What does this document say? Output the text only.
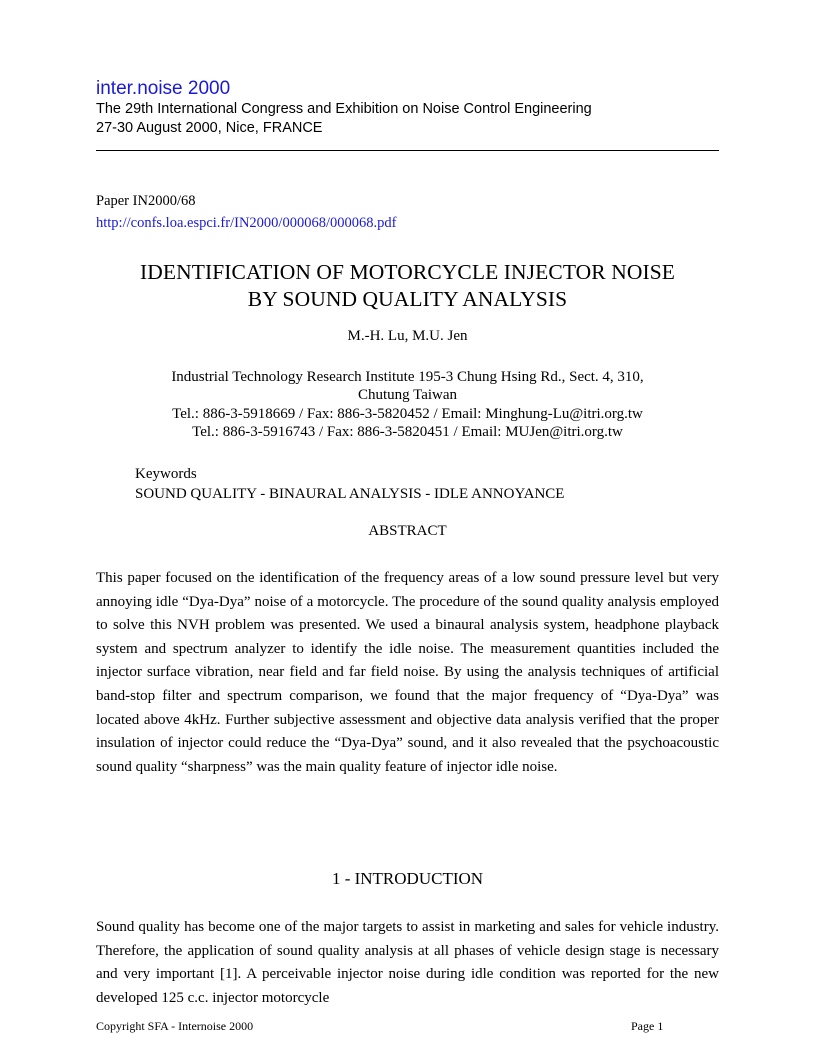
inter.noise 2000
The 29th International Congress and Exhibition on Noise Control Engineering
27-30 August 2000, Nice, FRANCE
Paper IN2000/68
http://confs.loa.espci.fr/IN2000/000068/000068.pdf
IDENTIFICATION OF MOTORCYCLE INJECTOR NOISE
BY SOUND QUALITY ANALYSIS
M.-H. Lu, M.U. Jen
Industrial Technology Research Institute 195-3 Chung Hsing Rd., Sect. 4, 310,
Chutung Taiwan
Tel.: 886-3-5918669 / Fax: 886-3-5820452 / Email: Minghung-Lu@itri.org.tw
Tel.: 886-3-5916743 / Fax: 886-3-5820451 / Email: MUJen@itri.org.tw
Keywords
SOUND QUALITY - BINAURAL ANALYSIS - IDLE ANNOYANCE
ABSTRACT
This paper focused on the identification of the frequency areas of a low sound pressure level but very annoying idle “Dya-Dya” noise of a motorcycle. The procedure of the sound quality analysis employed to solve this NVH problem was presented. We used a binaural analysis system, headphone playback system and spectrum analyzer to identify the idle noise. The measurement quantities included the injector surface vibration, near field and far field noise. By using the analysis techniques of artificial band-stop filter and spectrum comparison, we found that the major frequency of “Dya-Dya” was located above 4kHz. Further subjective assessment and objective data analysis verified that the proper insulation of injector could reduce the “Dya-Dya” sound, and it also revealed that the psychoacoustic sound quality “sharpness” was the main quality feature of injector idle noise.
1 - INTRODUCTION
Sound quality has become one of the major targets to assist in marketing and sales for vehicle industry. Therefore, the application of sound quality analysis at all phases of vehicle design stage is necessary and very important [1]. A perceivable injector noise during idle condition was reported for the new developed 125 c.c. injector motorcycle
Copyright SFA - Internoise 2000	Page 1
